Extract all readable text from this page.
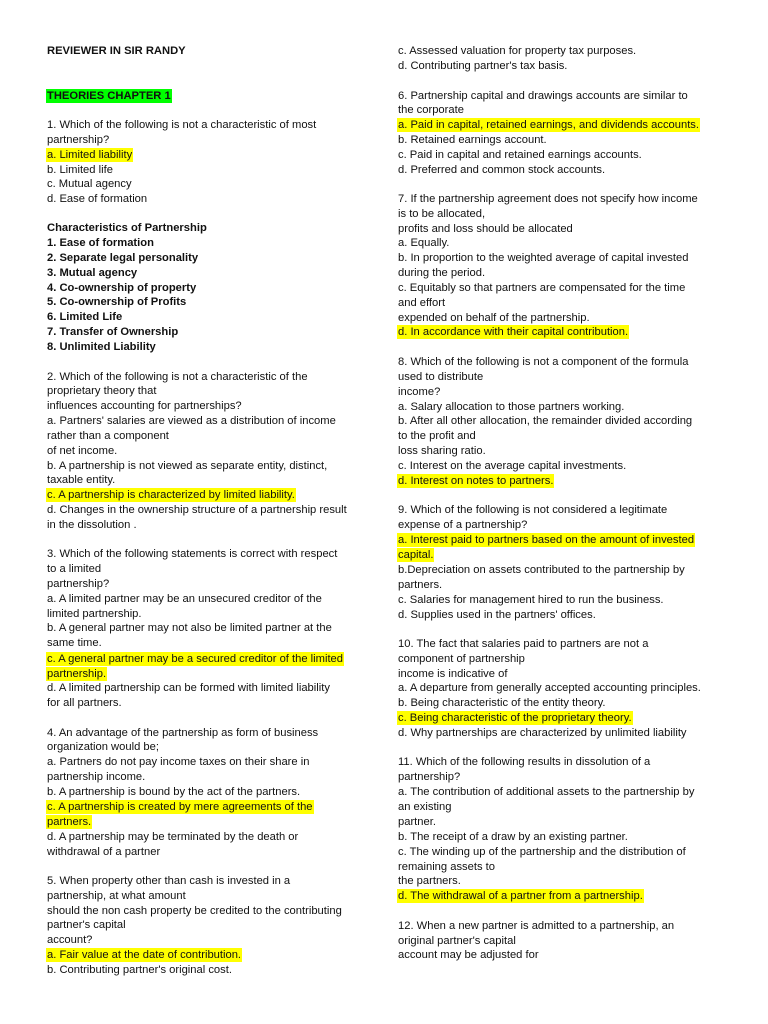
REVIEWER IN SIR RANDY
THEORIES CHAPTER 1
1. Which of the following is not a characteristic of most
partnership?
a. Limited liability
b. Limited life
c. Mutual agency
d. Ease of formation
Characteristics of Partnership
1. Ease of formation
2. Separate legal personality
3. Mutual agency
4. Co-ownership of property
5. Co-ownership of Profits
6. Limited Life
7. Transfer of Ownership
8. Unlimited Liability
2. Which of the following is not a characteristic of the
proprietary theory that
influences accounting for partnerships?
a. Partners' salaries are viewed as a distribution of income
rather than a component
of net income.
b. A partnership is not viewed as separate entity, distinct,
taxable entity.
c. A partnership is characterized by limited liability.
d. Changes in the ownership structure of a partnership result
in the dissolution .
3. Which of the following statements is correct with respect
to a limited
partnership?
a. A limited partner may be an unsecured creditor of the
limited partnership.
b. A general partner may not also be limited partner at the
same time.
c. A general partner may be a secured creditor of the limited
partnership.
d. A limited partnership can be formed with limited liability
for all partners.
4. An advantage of the partnership as form of business
organization would be;
a. Partners do not pay income taxes on their share in
partnership income.
b. A partnership is bound by the act of the partners.
c. A partnership is created by mere agreements of the
partners.
d. A partnership may be terminated by the death or
withdrawal of a partner
5. When property other than cash is invested in a
partnership, at what amount
should the non cash property be credited to the contributing
partner's capital
account?
a. Fair value at the date of contribution.
b. Contributing partner's original cost.
c. Assessed valuation for property tax purposes.
d. Contributing partner's tax basis.
6. Partnership capital and drawings accounts are similar to
the corporate
a. Paid in capital, retained earnings, and dividends accounts.
b. Retained earnings account.
c. Paid in capital and retained earnings accounts.
d. Preferred and common stock accounts.
7. If the partnership agreement does not specify how income
is to be allocated,
profits and loss should be allocated
a. Equally.
b. In proportion to the weighted average of capital invested
during the period.
c. Equitably so that partners are compensated for the time
and effort
expended on behalf of the partnership.
d. In accordance with their capital contribution.
8. Which of the following is not a component of the formula
used to distribute
income?
a. Salary allocation to those partners working.
b. After all other allocation, the remainder divided according
to the profit and
loss sharing ratio.
c. Interest on the average capital investments.
d. Interest on notes to partners.
9. Which of the following is not considered a legitimate
expense of a partnership?
a. Interest paid to partners based on the amount of invested
capital.
b.Depreciation on assets contributed to the partnership by
partners.
c. Salaries for management hired to run the business.
d. Supplies used in the partners' offices.
10. The fact that salaries paid to partners are not a
component of partnership
income is indicative of
a. A departure from generally accepted accounting principles.
b. Being characteristic of the entity theory.
c. Being characteristic of the proprietary theory.
d. Why partnerships are characterized by unlimited liability
11. Which of the following results in dissolution of a
partnership?
a. The contribution of additional assets to the partnership by
an existing
partner.
b. The receipt of a draw by an existing partner.
c. The winding up of the partnership and the distribution of
remaining assets to
the partners.
d. The withdrawal of a partner from a partnership.
12. When a new partner is admitted to a partnership, an
original partner's capital
account may be adjusted for
